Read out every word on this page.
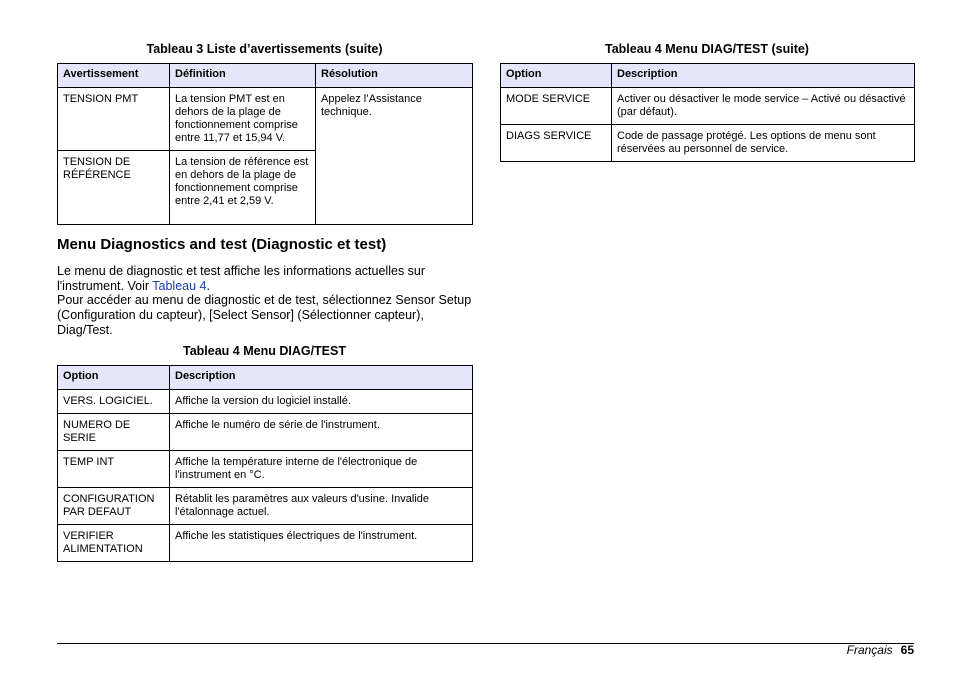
Tableau 3 Liste d’avertissements (suite)
Avertissement	Définition	Résolution
TENSION PMT	La tension PMT est en dehors de la plage de fonctionnement comprise entre 11,77 et 15,94 V.	Appelez l’Assistance technique.
TENSION DE RÉFÉRENCE	La tension de référence est en dehors de la plage de fonctionnement comprise entre 2,41 et 2,59 V.	
Menu Diagnostics and test (Diagnostic et test)
Le menu de diagnostic et test affiche les informations actuelles sur l'instrument. Voir Tableau 4.
Pour accéder au menu de diagnostic et de test, sélectionnez Sensor Setup (Configuration du capteur), [Select Sensor] (Sélectionner capteur), Diag/Test.
Tableau 4 Menu DIAG/TEST
Option	Description
VERS. LOGICIEL.	Affiche la version du logiciel installé.
NUMERO DE SERIE	Affiche le numéro de série de l'instrument.
TEMP INT	Affiche la température interne de l'électronique de l'instrument en °C.
CONFIGURATION PAR DEFAUT	Rétablit les paramètres aux valeurs d'usine. Invalide l'étalonnage actuel.
VERIFIER ALIMENTATION	Affiche les statistiques électriques de l'instrument.
Tableau 4 Menu DIAG/TEST (suite)
Option	Description
MODE SERVICE	Activer ou désactiver le mode service – Activé ou désactivé (par défaut).
DIAGS SERVICE	Code de passage protégé. Les options de menu sont réservées au personnel de service.
Français 65
